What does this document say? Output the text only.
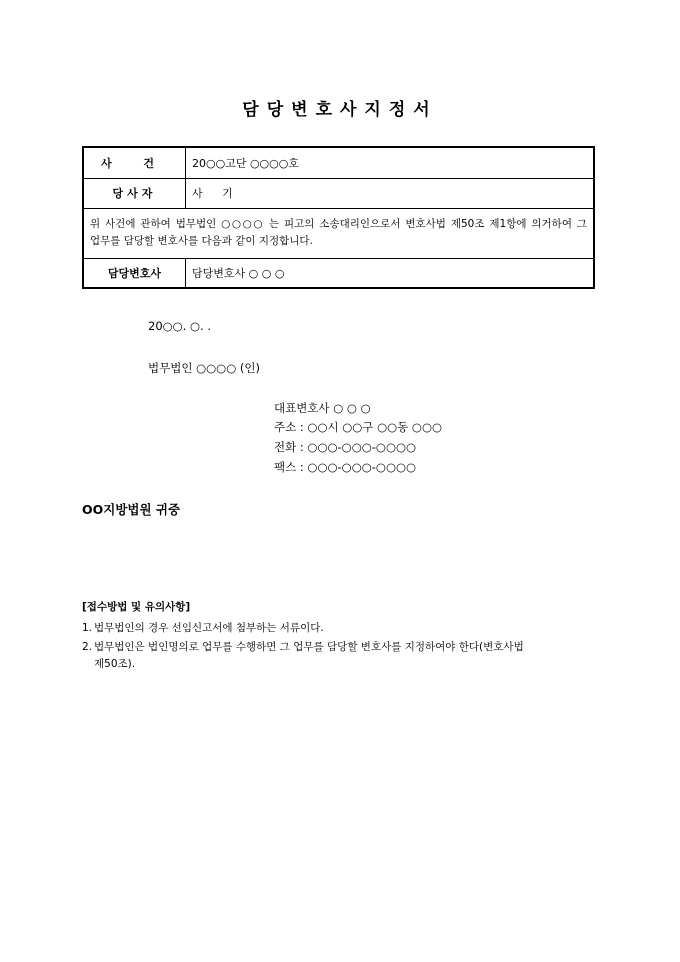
담당변호사지정서
사 건	20○○고단 ○○○○호
당사자	사 기
위 사건에 관하여 법무법인 ○○○○ 는 피고의 소송대리인으로서 변호사법 제50조 제1항에 의거하여 그 업무를 담당할 변호사를 다음과 같이 지정합니다.	
담당변호사	담당변호사 ○ ○ ○
20○○. ○. .
법무법인 ○○○○ (인)
대표변호사 ○ ○ ○
주소 : ○○시 ○○구 ○○동 ○○○
전화 : ○○○-○○○-○○○○
팩스 : ○○○-○○○-○○○○
OO지방법원 귀중
[접수방법 및 유의사항]
1. 법무법인의 경우 선임신고서에 첨부하는 서류이다.
2. 법무법인은 법인명의로 업무를 수행하면 그 업무를 담당할 변호사를 지정하여야 한다(변호사법
제50조).
